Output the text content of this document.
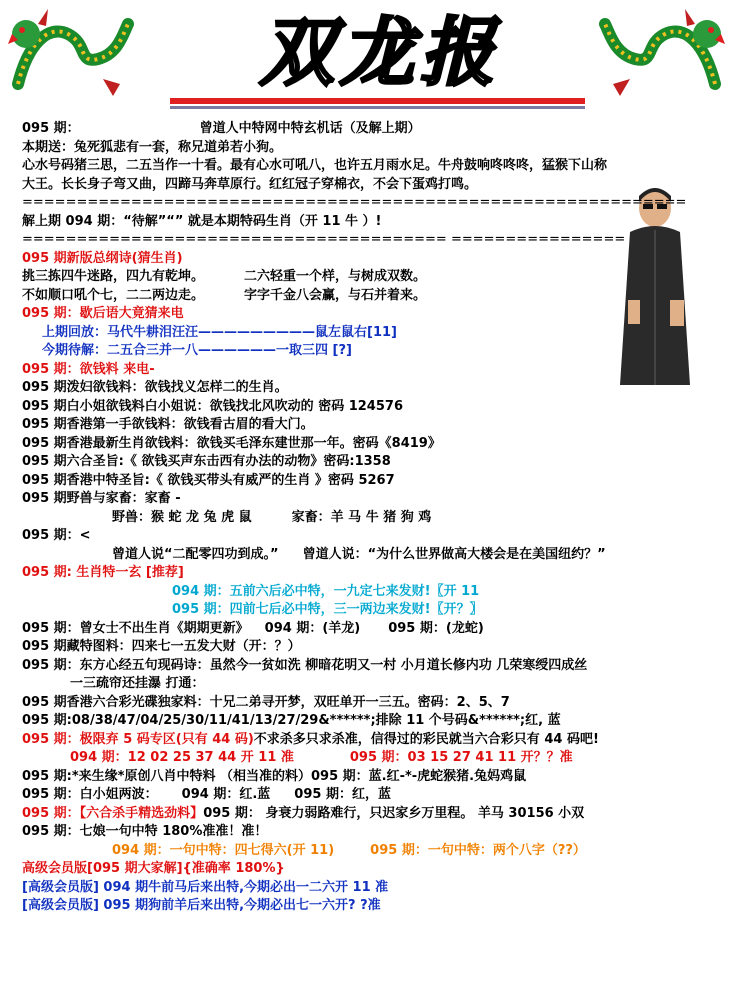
双龙报
095 期：	曾道人中特网中特玄机话（及解上期）
本期送：兔死狐悲有一套，称兄道弟若小狗。
心水号码猪三思，二五当作一十看。最有心水可吼八，也许五月雨水足。牛舟鼓响咚咚咚，猛猴下山称
大王。长长身子弯又曲，四蹄马奔草原行。红红冠子穿棉衣，不会下蛋鸡打鸣。
=============================================================
解上期 094 期：“待解”“” 就是本期特码生肖（开 11 牛 ）!
======================================= ================
095 期新版总纲诗(猜生肖)
挑三拣四牛迷路，四九有乾坤。	二六轻重一个样，与树成双数。
不如顺口吼个七，二二两边走。	字字千金八会赢，与石并着来。
095 期：歇后语大竟猜来电
上期回放：马代牛耕泪汪汪—————————鼠左鼠右[11]
今期待解：二五合三并一八——————一取三四 [?]
095 期：欲钱料 来电-
095 期泼妇欲钱料：欲钱找义怎样二的生肖。
095 期白小姐欲钱料白小姐说：欲钱找北风吹动的 密码 124576
095 期香港第一手欲钱料：欲钱看古眉的看大门。
095 期香港最新生肖欲钱料：欲钱买毛泽东建世那一年。密码《8419》
095 期六合圣旨:《 欲钱买声东击西有办法的动物》密码:1358
095 期香港中特圣旨:《 欲钱买带头有威严的生肖 》密码 5267
095 期野兽与家畜：家畜 -
野兽：猴 蛇 龙 兔 虎 鼠	家畜：羊 马 牛 猪 狗 鸡
095 期：<
曾道人说“二配零四功到成。” 曾道人说：“为什么世界做高大楼会是在美国纽约？”
095 期: 生肖特一玄 [推荐]
094 期：五前六后必中特，一九定七来发财!〖开 11
095 期：四前七后必中特，三一两边来发财!〖开？〗
095 期：曾女士不出生肖《期期更新》 094 期：(羊龙) 095 期：(龙蛇)
095 期藏特图料：四来七一五发大财（开：？）
095 期：东方心经五句现码诗：虽然今一贫如洗 柳暗花明又一村 小月道长修内功 几荣寒绶四成丝
一三疏帘还挂瀑 打通：
095 期香港六合彩光碟独家料：十兄二弟寻开梦，双旺单开一三五。密码：2、5、7
095 期:08/38/47/04/25/30/11/41/13/27/29&******;排除 11 个号码&******;红, 蓝
095 期：极限弃 5 码专区(只有 44 码)不求杀多只求杀准，信得过的彩民就当六合彩只有 44 码吧!
094 期：12 02 25 37 44 开 11 准	095 期：03 15 27 41 11 开？？准
095 期:*来生缘*原创八肖中特料 （相当准的料）095 期：蓝.红-*-虎蛇猴猪.兔妈鸡鼠
095 期：白小姐两波： 094 期：红.蓝 095 期：红，蓝
095 期：【六合杀手精选劲料】095 期： 身衰力弱路难行，只迟家乡万里程。 羊马 30156 小双
095 期：七娘一句中特 180%准准！准！
094 期：一句中特：四七得六(开 11)	095 期：一句中特：两个八字（??）
高级会员版[095 期大家解]{准确率 180%}
[高级会员版] 094 期牛前马后来出特,今期必出一二六开 11 准
[高级会员版] 095 期狗前羊后来出特,今期必出七一六开? ?准
